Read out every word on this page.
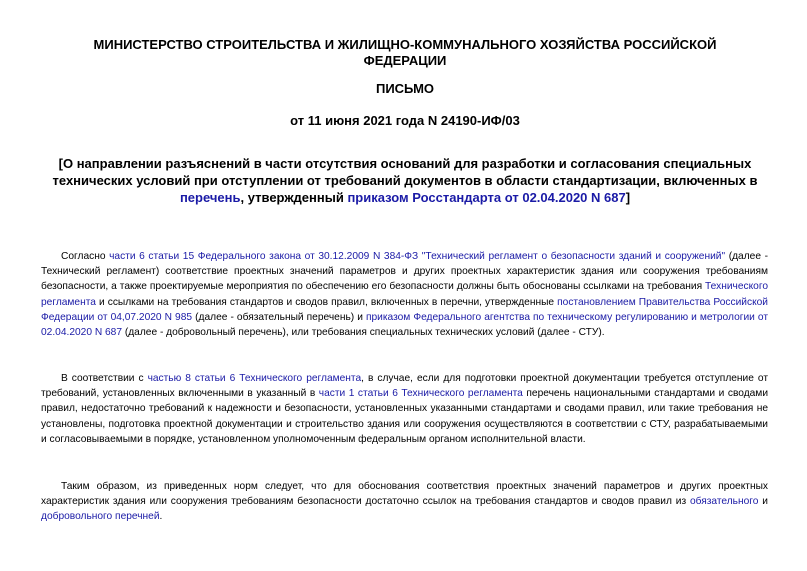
МИНИСТЕРСТВО СТРОИТЕЛЬСТВА И ЖИЛИЩНО-КОММУНАЛЬНОГО ХОЗЯЙСТВА РОССИЙСКОЙ ФЕДЕРАЦИИ
ПИСЬМО
от 11 июня 2021 года N 24190-ИФ/03
[О направлении разъяснений в части отсутствия оснований для разработки и согласования специальных технических условий при отступлении от требований документов в области стандартизации, включенных в перечень, утвержденный приказом Росстандарта от 02.04.2020 N 687]

Согласно части 6 статьи 15 Федерального закона от 30.12.2009 N 384-ФЗ "Технический регламент о безопасности зданий и сооружений" (далее - Технический регламент) соответствие проектных значений параметров и других проектных характеристик здания или сооружения требованиям безопасности, а также проектируемые мероприятия по обеспечению его безопасности должны быть обоснованы ссылками на требования Технического регламента и ссылками на требования стандартов и сводов правил, включенных в перечни, утвержденные постановлением Правительства Российской Федерации от 04,07.2020 N 985 (далее - обязательный перечень) и приказом Федерального агентства по техническому регулированию и метрологии от 02.04.2020 N 687 (далее - добровольный перечень), или требования специальных технических условий (далее - СТУ).

В соответствии с частью 8 статьи 6 Технического регламента, в случае, если для подготовки проектной документации требуется отступление от требований, установленных включенными в указанный в части 1 статьи 6 Технического регламента перечень национальными стандартами и сводами правил, недостаточно требований к надежности и безопасности, установленных указанными стандартами и сводами правил, или такие требования не установлены, подготовка проектной документации и строительство здания или сооружения осуществляются в соответствии с СТУ, разрабатываемыми и согласовываемыми в порядке, установленном уполномоченным федеральным органом исполнительной власти.

Таким образом, из приведенных норм следует, что для обоснования соответствия проектных значений параметров и других проектных характеристик здания или сооружения требованиям безопасности достаточно ссылок на требования стандартов и сводов правил из обязательного и добровольного перечней.
